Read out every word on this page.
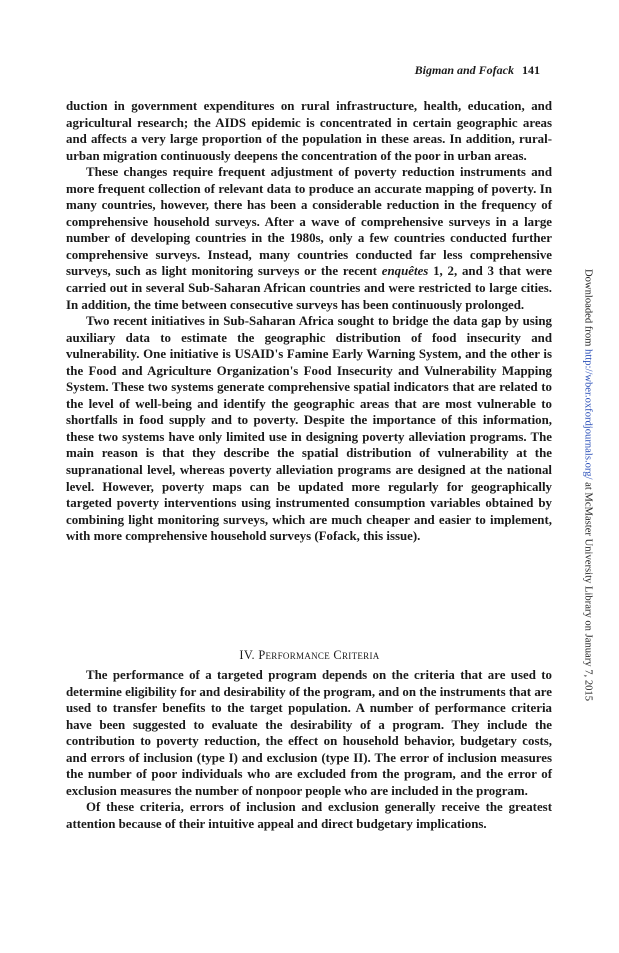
Bigman and Fofack 141

duction in government expenditures on rural infrastructure, health, education, and agricultural research; the AIDS epidemic is concentrated in certain geographic areas and affects a very large proportion of the population in these areas. In addition, rural-urban migration continuously deepens the concentration of the poor in urban areas.

These changes require frequent adjustment of poverty reduction instruments and more frequent collection of relevant data to produce an accurate mapping of poverty. In many countries, however, there has been a considerable reduction in the frequency of comprehensive household surveys. After a wave of comprehensive surveys in a large number of developing countries in the 1980s, only a few countries conducted further comprehensive surveys. Instead, many countries conducted far less comprehensive surveys, such as light monitoring surveys or the recent enquêtes 1, 2, and 3 that were carried out in several Sub-Saharan African countries and were restricted to large cities. In addition, the time between consecutive surveys has been continuously prolonged.

Two recent initiatives in Sub-Saharan Africa sought to bridge the data gap by using auxiliary data to estimate the geographic distribution of food insecurity and vulnerability. One initiative is USAID's Famine Early Warning System, and the other is the Food and Agriculture Organization's Food Insecurity and Vulnerability Mapping System. These two systems generate comprehensive spatial indicators that are related to the level of well-being and identify the geographic areas that are most vulnerable to shortfalls in food supply and to poverty. Despite the importance of this information, these two systems have only limited use in designing poverty alleviation programs. The main reason is that they describe the spatial distribution of vulnerability at the supranational level, whereas poverty alleviation programs are designed at the national level. However, poverty maps can be updated more regularly for geographically targeted poverty interventions using instrumented consumption variables obtained by combining light monitoring surveys, which are much cheaper and easier to implement, with more comprehensive household surveys (Fofack, this issue).

IV. Performance Criteria

The performance of a targeted program depends on the criteria that are used to determine eligibility for and desirability of the program, and on the instruments that are used to transfer benefits to the target population. A number of performance criteria have been suggested to evaluate the desirability of a program. They include the contribution to poverty reduction, the effect on household behavior, budgetary costs, and errors of inclusion (type I) and exclusion (type II). The error of inclusion measures the number of poor individuals who are excluded from the program, and the error of exclusion measures the number of nonpoor people who are included in the program.

Of these criteria, errors of inclusion and exclusion generally receive the greatest attention because of their intuitive appeal and direct budgetary implications.

Downloaded from http://wber.oxfordjournals.org/ at McMaster University Library on January 7, 2015
